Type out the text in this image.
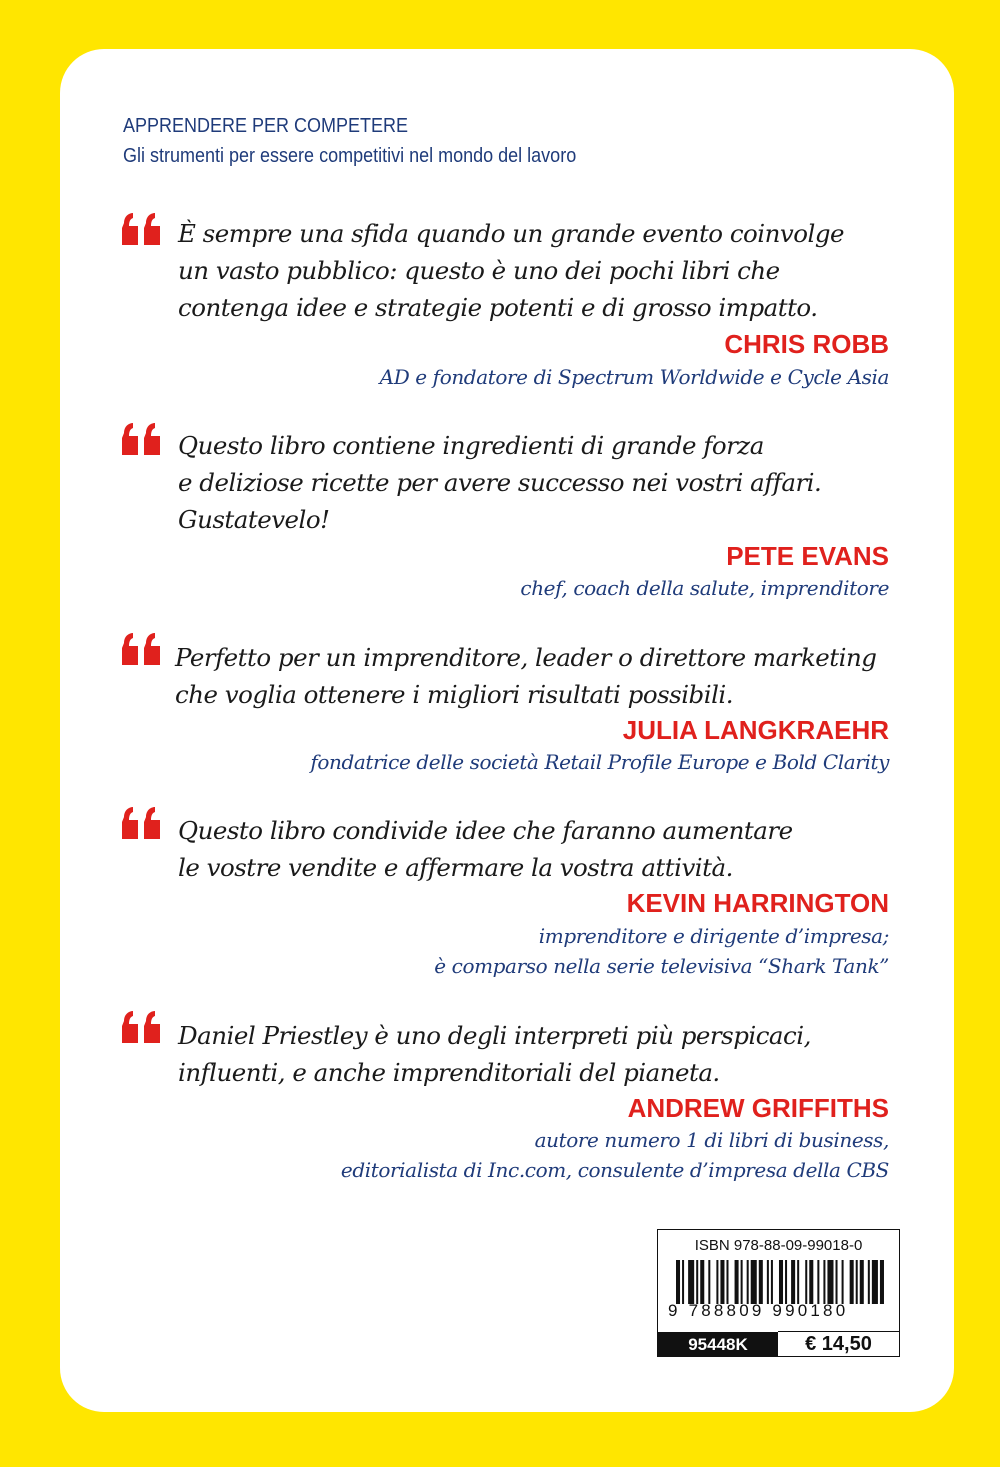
APPRENDERE PER COMPETERE
Gli strumenti per essere competitivi nel mondo del lavoro
È sempre una sfida quando un grande evento coinvolge
un vasto pubblico: questo è uno dei pochi libri che
contenga idee e strategie potenti e di grosso impatto.
CHRIS ROBB
AD e fondatore di Spectrum Worldwide e Cycle Asia
Questo libro contiene ingredienti di grande forza
e deliziose ricette per avere successo nei vostri affari.
Gustatevelo!
PETE EVANS
chef, coach della salute, imprenditore
Perfetto per un imprenditore, leader o direttore marketing
che voglia ottenere i migliori risultati possibili.
JULIA LANGKRAEHR
fondatrice delle società Retail Profile Europe e Bold Clarity
Questo libro condivide idee che faranno aumentare
le vostre vendite e affermare la vostra attività.
KEVIN HARRINGTON
imprenditore e dirigente d’impresa;
è comparso nella serie televisiva “Shark Tank”
Daniel Priestley è uno degli interpreti più perspicaci,
influenti, e anche imprenditoriali del pianeta.
ANDREW GRIFFITHS
autore numero 1 di libri di business,
editorialista di Inc.com, consulente d’impresa della CBS
ISBN 978-88-09-99018-0
9 788809 990180
95448K	€ 14,50
